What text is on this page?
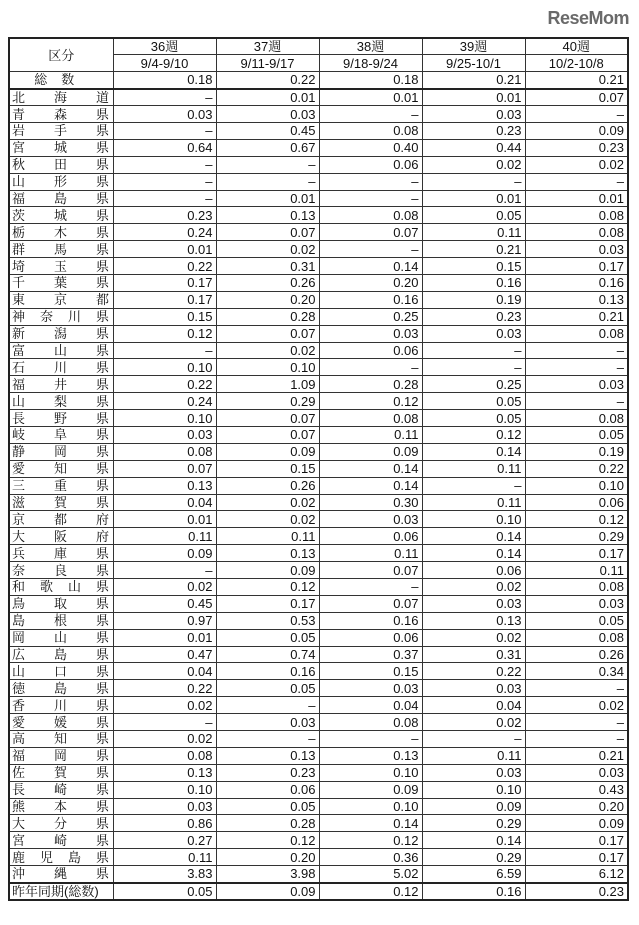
区分	36週	37週	38週	39週	40週
	9/4-9/10	9/11-9/17	9/18-9/24	9/25-10/1	10/2-10/8
総数	0.18	0.22	0.18	0.21	0.21
北海道	–	0.01	0.01	0.01	0.07
青森県	0.03	0.03	–	0.03	–
岩手県	–	0.45	0.08	0.23	0.09
宮城県	0.64	0.67	0.40	0.44	0.23
秋田県	–	–	0.06	0.02	0.02
山形県	–	–	–	–	–
福島県	–	0.01	–	0.01	0.01
茨城県	0.23	0.13	0.08	0.05	0.08
栃木県	0.24	0.07	0.07	0.11	0.08
群馬県	0.01	0.02	–	0.21	0.03
埼玉県	0.22	0.31	0.14	0.15	0.17
千葉県	0.17	0.26	0.20	0.16	0.16
東京都	0.17	0.20	0.16	0.19	0.13
神奈川県	0.15	0.28	0.25	0.23	0.21
新潟県	0.12	0.07	0.03	0.03	0.08
富山県	–	0.02	0.06	–	–
石川県	0.10	0.10	–	–	–
福井県	0.22	1.09	0.28	0.25	0.03
山梨県	0.24	0.29	0.12	0.05	–
長野県	0.10	0.07	0.08	0.05	0.08
岐阜県	0.03	0.07	0.11	0.12	0.05
静岡県	0.08	0.09	0.09	0.14	0.19
愛知県	0.07	0.15	0.14	0.11	0.22
三重県	0.13	0.26	0.14	–	0.10
滋賀県	0.04	0.02	0.30	0.11	0.06
京都府	0.01	0.02	0.03	0.10	0.12
大阪府	0.11	0.11	0.06	0.14	0.29
兵庫県	0.09	0.13	0.11	0.14	0.17
奈良県	–	0.09	0.07	0.06	0.11
和歌山県	0.02	0.12	–	0.02	0.08
鳥取県	0.45	0.17	0.07	0.03	0.03
島根県	0.97	0.53	0.16	0.13	0.05
岡山県	0.01	0.05	0.06	0.02	0.08
広島県	0.47	0.74	0.37	0.31	0.26
山口県	0.04	0.16	0.15	0.22	0.34
徳島県	0.22	0.05	0.03	0.03	–
香川県	0.02	–	0.04	0.04	0.02
愛媛県	–	0.03	0.08	0.02	–
高知県	0.02	–	–	–	–
福岡県	0.08	0.13	0.13	0.11	0.21
佐賀県	0.13	0.23	0.10	0.03	0.03
長崎県	0.10	0.06	0.09	0.10	0.43
熊本県	0.03	0.05	0.10	0.09	0.20
大分県	0.86	0.28	0.14	0.29	0.09
宮崎県	0.27	0.12	0.12	0.14	0.17
鹿児島県	0.11	0.20	0.36	0.29	0.17
沖縄県	3.83	3.98	5.02	6.59	6.12
昨年同期(総数)	0.05	0.09	0.12	0.16	0.23
ReseMom
